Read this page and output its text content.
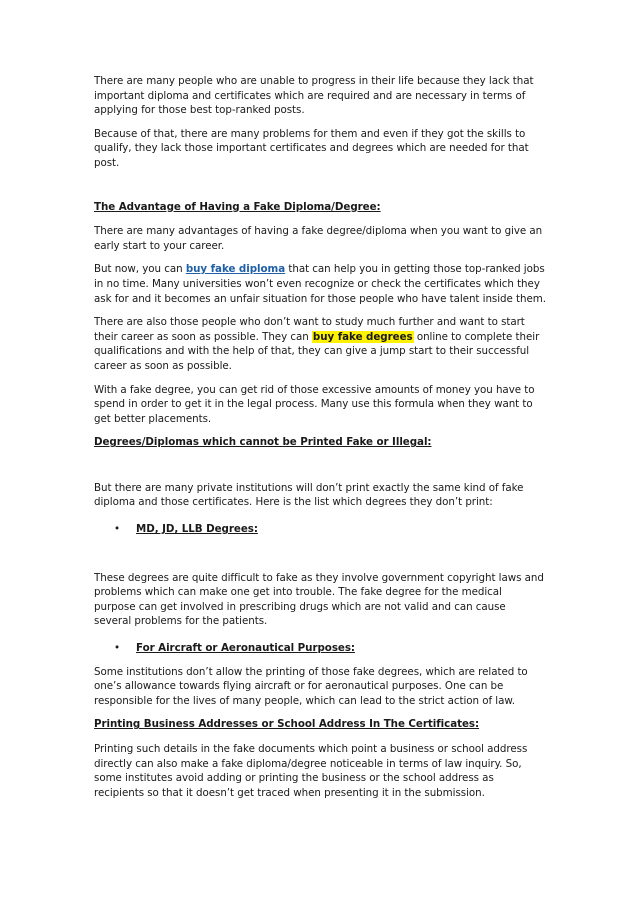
There are many people who are unable to progress in their life because they lack that important diploma and certificates which are required and are necessary in terms of applying for those best top-ranked posts.

Because of that, there are many problems for them and even if they got the skills to qualify, they lack those important certificates and degrees which are needed for that post.

The Advantage of Having a Fake Diploma/Degree:

There are many advantages of having a fake degree/diploma when you want to give an early start to your career.

But now, you can buy fake diploma that can help you in getting those top-ranked jobs in no time. Many universities won’t even recognize or check the certificates which they ask for and it becomes an unfair situation for those people who have talent inside them.

There are also those people who don’t want to study much further and want to start their career as soon as possible. They can buy fake degrees online to complete their qualifications and with the help of that, they can give a jump start to their successful career as soon as possible.

With a fake degree, you can get rid of those excessive amounts of money you have to spend in order to get it in the legal process. Many use this formula when they want to get better placements.

Degrees/Diplomas which cannot be Printed Fake or Illegal:

But there are many private institutions will don’t print exactly the same kind of fake diploma and those certificates. Here is the list which degrees they don’t print:

• MD, JD, LLB Degrees:

These degrees are quite difficult to fake as they involve government copyright laws and problems which can make one get into trouble. The fake degree for the medical purpose can get involved in prescribing drugs which are not valid and can cause several problems for the patients.

• For Aircraft or Aeronautical Purposes:

Some institutions don’t allow the printing of those fake degrees, which are related to one’s allowance towards flying aircraft or for aeronautical purposes. One can be responsible for the lives of many people, which can lead to the strict action of law.

Printing Business Addresses or School Address In The Certificates:

Printing such details in the fake documents which point a business or school address directly can also make a fake diploma/degree noticeable in terms of law inquiry. So, some institutes avoid adding or printing the business or the school address as recipients so that it doesn’t get traced when presenting it in the submission.
